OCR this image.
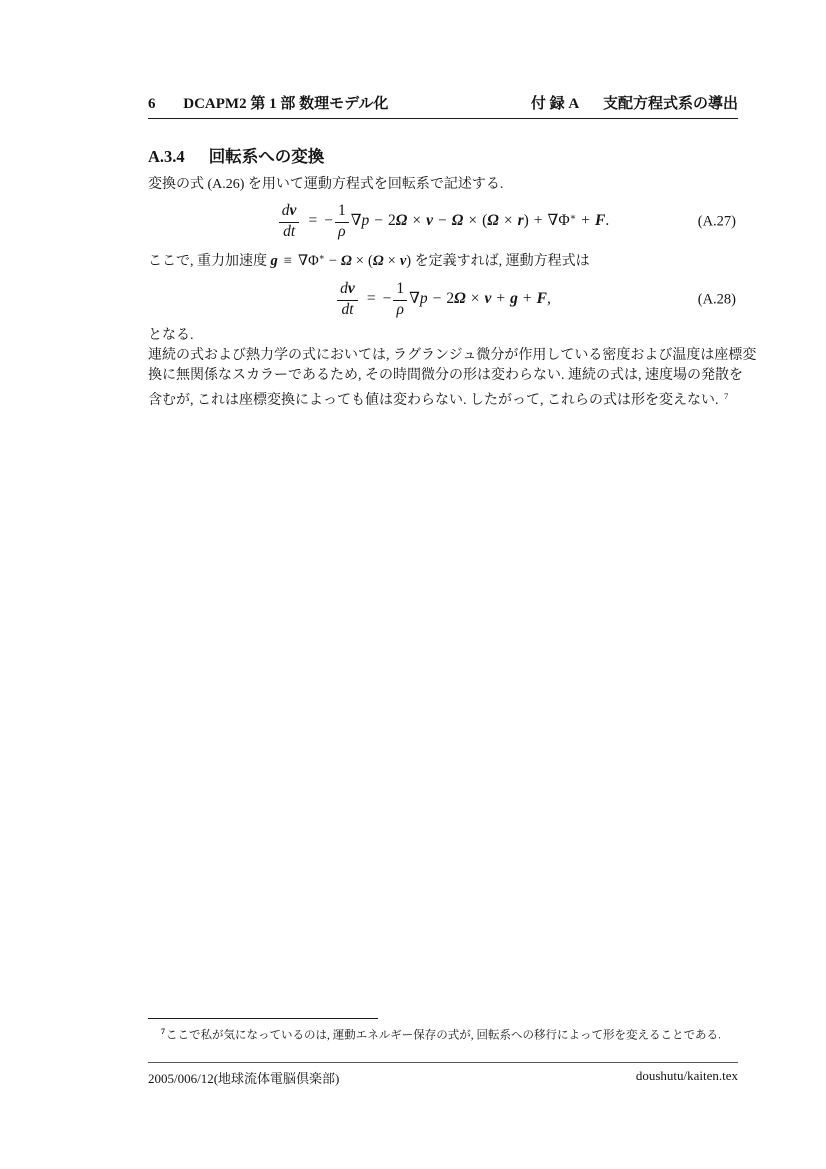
6 DCAPM2 第 1 部 数理モデル化	付 録 A 支配方程式系の導出
A.3.4 回転系への変換
変換の式 (A.26) を用いて運動方程式を回転系で記述する.
$\frac{dv}{dt}$ = − $\frac{1}{\rho} \nabla p - 2\Omega \times v - \Omega \times (\Omega \times r) + \nabla\Phi^∗ + F$.	(A.27)
ここで, 重力加速度 g ≡ ∇Φ∗ − Ω × (Ω × v) を定義すれば, 運動方程式は
$\frac{dv}{dt}$ = − $\frac{1}{\rho} \nabla p - 2\Omega \times v + g + F$,	(A.28)
となる.
連続の式および熱力学の式においては, ラグランジュ微分が作用している密度および温度は座標変
換に無関係なスカラーであるため, その時間微分の形は変わらない. 連続の式は, 速度場の発散を
含むが, これは座標変換によっても値は変わらない. したがって, これらの式は形を変えない. $^7$
$^7$ここで私が気になっているのは, 運動エネルギー保存の式が, 回転系への移行によって形を変えることである.
2005/006/12(地球流体電脳倶楽部)	doushutu/kaiten.tex
